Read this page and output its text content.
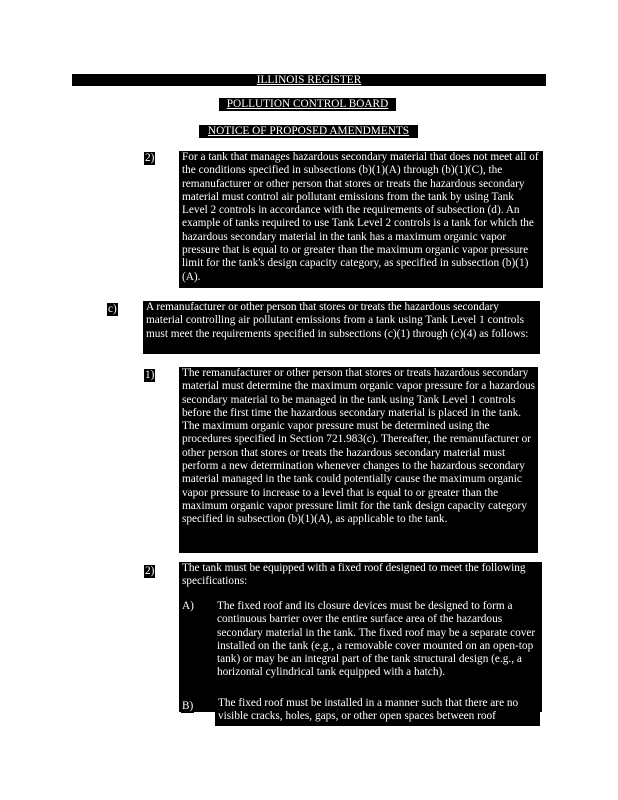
ILLINOIS REGISTER
POLLUTION CONTROL BOARD
NOTICE OF PROPOSED AMENDMENTS
2) For a tank that manages hazardous secondary material that does not meet all of the conditions specified in subsections (b)(1)(A) through (b)(1)(C), the remanufacturer or other person that stores or treats the hazardous secondary material must control air pollutant emissions from the tank by using Tank Level 2 controls in accordance with the requirements of subsection (d). An example of tanks required to use Tank Level 2 controls is a tank for which the hazardous secondary material in the tank has a maximum organic vapor pressure that is equal to or greater than the maximum organic vapor pressure limit for the tank's design capacity category, as specified in subsection (b)(1)(A).

c)	A remanufacturer or other person that stores or treats the hazardous secondary material controlling air pollutant emissions from a tank using Tank Level 1 controls must meet the requirements specified in subsections (c)(1) through (c)(4) as follows:

1) The remanufacturer or other person that stores or treats hazardous secondary material must determine the maximum organic vapor pressure for a hazardous secondary material to be managed in the tank using Tank Level 1 controls before the first time the hazardous secondary material is placed in the tank. The maximum organic vapor pressure must be determined using the procedures specified in Section 721.983(c). Thereafter, the remanufacturer or other person that stores or treats the hazardous secondary material must perform a new determination whenever changes to the hazardous secondary material managed in the tank could potentially cause the maximum organic vapor pressure to increase to a level that is equal to or greater than the maximum organic vapor pressure limit for the tank design capacity category specified in subsection (b)(1)(A), as applicable to the tank.

2) The tank must be equipped with a fixed roof designed to meet the following specifications:

A)	The fixed roof and its closure devices must be designed to form a continuous barrier over the entire surface area of the hazardous secondary material in the tank. The fixed roof may be a separate cover installed on the tank (e.g., a removable cover mounted on an open-top tank) or may be an integral part of the tank structural design (e.g., a horizontal cylindrical tank equipped with a hatch).

B) The fixed roof must be installed in a manner such that there are no visible cracks, holes, gaps, or other open spaces between roof
